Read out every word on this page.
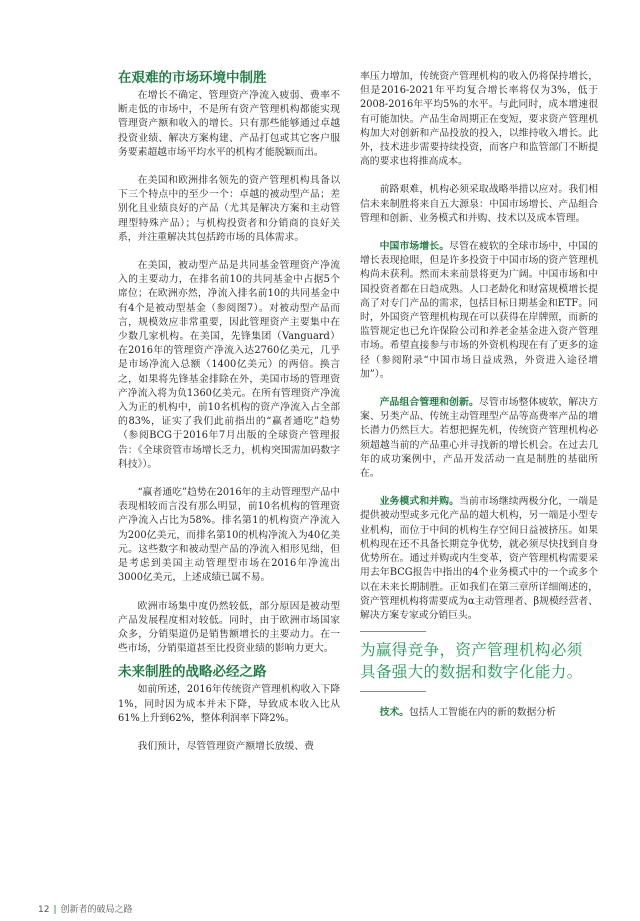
在艰难的市场环境中制胜

在增长不确定、管理资产净流入疲弱、费率不断走低的市场中，不是所有资产管理机构都能实现管理资产额和收入的增长。只有那些能够通过卓越投资业绩、解决方案构建、产品打包或其它客户服务要素超越市场平均水平的机构才能脱颖而出。

在美国和欧洲排名领先的资产管理机构具备以下三个特点中的至少一个：卓越的被动型产品；差别化且业绩良好的产品（尤其是解决方案和主动管理型特殊产品）；与机构投资者和分销商的良好关系，并注重解决其包括跨市场的具体需求。

在美国，被动型产品是共同基金管理资产净流入的主要动力，在排名前10的共同基金中占据5个席位；在欧洲亦然，净流入排名前10的共同基金中有4个是被动型基金（参阅图7）。对被动型产品而言，规模效应非常重要，因此管理资产主要集中在少数几家机构。在美国，先锋集团（Vanguard）在2016年的管理资产净流入达2760亿美元，几乎是市场净流入总额（1400亿美元）的两倍。换言之，如果将先锋基金排除在外，美国市场的管理资产净流入将为负1360亿美元。在所有管理资产净流入为正的机构中，前10名机构的资产净流入占全部的83%，证实了我们此前指出的“赢者通吃”趋势（参阅BCG于2016年7月出版的全球资产管理报告：《全球资管市场增长乏力，机构突围需加码数字科技》）。

“赢者通吃”趋势在2016年的主动管理型产品中表现相较而言没有那么明显，前10名机构的管理资产净流入占比为58%。排名第1的机构资产净流入为200亿美元，而排名第10的机构净流入为40亿美元。这些数字和被动型产品的净流入相形见绌，但是考虑到美国主动管理型市场在2016年净流出3000亿美元，上述成绩已属不易。

欧洲市场集中度仍然较低，部分原因是被动型产品发展程度相对较低。同时，由于欧洲市场国家众多，分销渠道仍是销售额增长的主要动力。在一些市场，分销渠道甚至比投资业绩的影响力更大。

未来制胜的战略必经之路

如前所述，2016年传统资产管理机构收入下降1%，同时因为成本并未下降，导致成本收入比从61%上升到62%，整体利润率下降2%。

我们预计，尽管管理资产额增长放缓、费

率压力增加，传统资产管理机构的收入仍将保持增长，但是2016-2021年平均复合增长率将仅为3%，低于2008-2016年平均5%的水平。与此同时，成本增速很有可能加快。产品生命周期正在变短，要求资产管理机构加大对创新和产品投放的投入，以维持收入增长。此外，技术进步需要持续投资，而客户和监管部门不断提高的要求也将推高成本。

前路艰难，机构必须采取战略举措以应对。我们相信未来制胜将来自五大源泉：中国市场增长、产品组合管理和创新、业务模式和并购、技术以及成本管理。

中国市场增长。尽管在疲软的全球市场中，中国的增长表现抢眼，但是许多投资于中国市场的资产管理机构尚未获利。然而未来前景将更为广阔。中国市场和中国投资者都在日趋成熟。人口老龄化和财富规模增长提高了对专门产品的需求，包括目标日期基金和ETF。同时，外国资产管理机构现在可以获得在岸牌照，而新的监管规定也已允许保险公司和养老金基金进入资产管理市场。希望直接参与市场的外资机构现在有了更多的途径（参阅附录“中国市场日益成熟，外资进入途径增加”）。

产品组合管理和创新。尽管市场整体疲软，解决方案、另类产品、传统主动管理型产品等高费率产品的增长潜力仍然巨大。若想把握先机，传统资产管理机构必须超越当前的产品重心并寻找新的增长机会。在过去几年的成功案例中，产品开发活动一直是制胜的基础所在。

业务模式和并购。当前市场继续两极分化，一端是提供被动型或多元化产品的超大机构，另一端是小型专业机构，而位于中间的机构生存空间日益被挤压。如果机构现在还不具备长期竞争优势，就必须尽快找到自身优势所在。通过并购或内生变革，资产管理机构需要采用去年BCG报告中指出的4个业务模式中的一个或多个以在未来长期制胜。正如我们在第三章所详细阐述的，资产管理机构将需要成为α主动管理者、β规模经营者、解决方案专家或分销巨头。

为赢得竞争，资产管理机构必须具备强大的数据和数字化能力。

技术。包括人工智能在内的新的数据分析

12 | 创新者的破局之路
